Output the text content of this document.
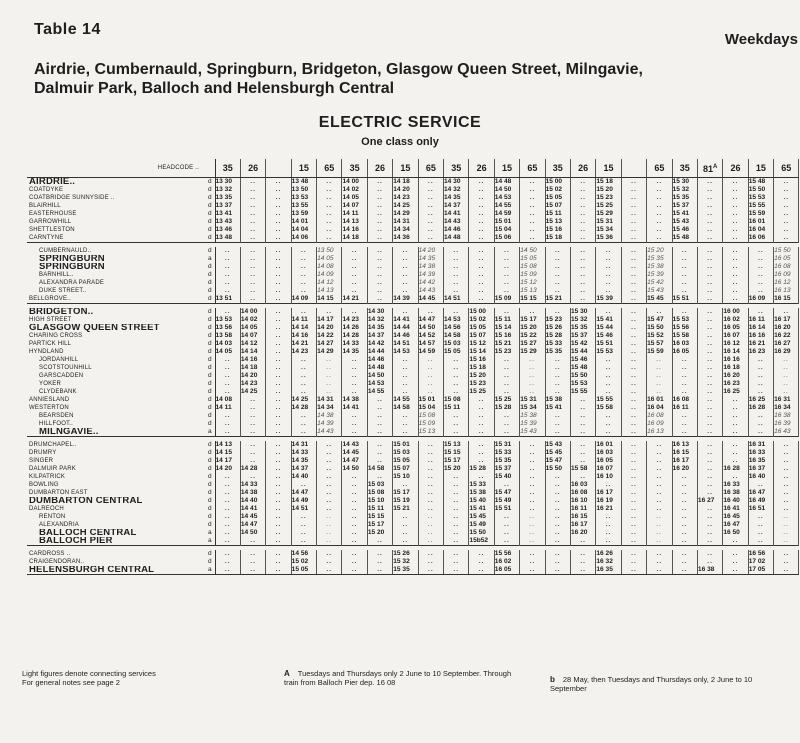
Table 14
Weekdays
Airdrie, Cumbernauld, Springburn, Bridgeton, Glasgow Queen Street, Milngavie,
Dalmuir Park, Balloch and Helensburgh Central
ELECTRIC SERVICE
One class only
HEADCODE ..		35	26		15	65	35	26	15	65	35	26	15	65	35	26	15		65	35	$81^A$	26	15	65
AIRDRIE..	d	13 30	..	..	13 48	..	14 00	..	14 18	..	14 30	..	14 48	..	15 00	..	15 18	..	..	15 30	..	..	15 48	..
COATDYKE	d	13 32	..	..	13 50	..	14 02	..	14 20	..	14 32	..	14 50	..	15 02	..	15 20	..	..	15 32	..	..	15 50	..
COATBRIDGE SUNNYSIDE ..	d	13 35	..	..	13 53	..	14 05	..	14 23	..	14 35	..	14 53	..	15 05	..	15 23	..	..	15 35	..	..	15 53	..
BLAIRHILL	d	13 37	..	..	13 55	..	14 07	..	14 25	..	14 37	..	14 55	..	15 07	..	15 25	..	..	15 37	..	..	15 55	..
EASTERHOUSE	d	13 41	..	..	13 59	..	14 11	..	14 29	..	14 41	..	14 59	..	15 11	..	15 29	..	..	15 41	..	..	15 59	..
GARROWHILL	d	13 43	..	..	14 01	..	14 13	..	14 31	..	14 43	..	15 01	..	15 13	..	15 31	..	..	15 43	..	..	16 01	..
SHETTLESTON	d	13 46	..	..	14 04	..	14 16	..	14 34	..	14 46	..	15 04	..	15 16	..	15 34	..	..	15 46	..	..	16 04	..
CARNTYNE	d	13 48	..	..	14 06	..	14 18	..	14 36	..	14 48	..	15 06	..	15 18	..	15 36	..	..	15 48	..	..	16 06	..

CUMBERNAULD..	d	..	..	..	..	13 50	..	..	..	14 20	..	..	..	14 50	..	..	..	..	15 20	..	..	..	..	15 50
SPRINGBURN	a	..	..	..	..	14 05	..	..	..	14 35	..	..	..	15 05	..	..	..	..	15 35	..	..	..	..	16 05
SPRINGBURN	d	..	..	..	..	14 08	..	..	..	14 38	..	..	..	15 08	..	..	..	..	15 38	..	..	..	..	16 08
BARNHILL..	d	..	..	..	..	14 09	..	..	..	14 39	..	..	..	15 09	..	..	..	..	15 39	..	..	..	..	16 09
ALEXANDRA PARADE	d	..	..	..	..	14 12	..	..	..	14 42	..	..	..	15 12	..	..	..	..	15 42	..	..	..	..	16 12
DUKE STREET..	d	..	..	..	..	14 13	..	..	..	14 43	..	..	..	15 13	..	..	..	..	15 43	..	..	..	..	16 13
BELLGROVE..	d	13 51	..	..	14 09	14 15	14 21	..	14 39	14 45	14 51	..	15 09	15 15	15 21	..	15 39	..	15 45	15 51	..	..	16 09	16 15

BRIDGETON..	d	..	14 00	..	..	..	..	14 30	..	..	..	15 00	..	..	..	15 30	..	..	..	..	..	16 00	..	..
HIGH STREET	d	13 53	14 02	..	14 11	14 17	14 23	14 32	14 41	14 47	14 53	15 02	15 11	15 17	15 23	15 32	15 41	..	15 47	15 53	..	16 02	16 11	16 17
GLASGOW QUEEN STREET	d	13 56	14 05	..	14 14	14 20	14 26	14 35	14 44	14 50	14 56	15 05	15 14	15 20	15 26	15 35	15 44	..	15 50	15 56	..	16 05	16 14	16 20
CHARING CROSS	d	13 58	14 07	..	14 16	14 22	14 28	14 37	14 46	14 52	14 58	15 07	15 16	15 22	15 28	15 37	15 46	..	15 52	15 58	..	16 07	16 16	16 22
PARTICK HILL	d	14 03	14 12	..	14 21	14 27	14 33	14 42	14 51	14 57	15 03	15 12	15 21	15 27	15 33	15 42	15 51	..	15 57	16 03	..	16 12	16 21	16 27
HYNDLAND	d	14 05	14 14	..	14 23	14 29	14 35	14 44	14 53	14 59	15 05	15 14	15 23	15 29	15 35	15 44	15 53	..	15 59	16 05	..	16 14	16 23	16 29
JORDANHILL	d	..	14 16	..	..	..	..	14 46	..	..	..	15 16	..	..	..	15 46	..	..	..	..	..	16 16	..	..
SCOTSTOUNHILL	d	..	14 18	..	..	..	..	14 48	..	..	..	15 18	..	..	..	15 48	..	..	..	..	..	16 18	..	..
GARSCADDEN	d	..	14 20	..	..	..	..	14 50	..	..	..	15 20	..	..	..	15 50	..	..	..	..	..	16 20	..	..
YOKER	d	..	14 23	..	..	..	..	14 53	..	..	..	15 23	..	..	..	15 53	..	..	..	..	..	16 23	..	..
CLYDEBANK	d	..	14 25	..	..	..	..	14 55	..	..	..	15 25	..	..	..	15 55	..	..	..	..	..	16 25	..	..
ANNIESLAND	d	14 08	..	..	14 25	14 31	14 38	..	14 55	15 01	15 08	..	15 25	15 31	15 38	..	15 55	..	16 01	16 08	..	..	16 25	16 31
WESTERTON	d	14 11	..	..	14 28	14 34	14 41	..	14 58	15 04	15 11	..	15 28	15 34	15 41	..	15 58	..	16 04	16 11	..	..	16 28	16 34
BEARSDEN	d	..	..	..	..	14 38	..	..	..	15 08	..	..	..	15 38	..	..	..	..	16 08	..	..	..	..	16 38
HILLFOOT..	d	..	..	..	..	14 39	..	..	..	15 09	..	..	..	15 39	..	..	..	..	16 09	..	..	..	..	16 39
MILNGAVIE..	a	..	..	..	..	14 43	..	..	..	15 13	..	..	..	15 43	..	..	..	..	16 13	..	..	..	..	16 43

DRUMCHAPEL..	d	14 13	..	..	14 31	..	14 43	..	15 01	..	15 13	..	15 31	..	15 43	..	16 01	..	..	16 13	..	..	16 31	..
DRUMRY	d	14 15	..	..	14 33	..	14 45	..	15 03	..	15 15	..	15 33	..	15 45	..	16 03	..	..	16 15	..	..	16 33	..
SINGER	d	14 17	..	..	14 35	..	14 47	..	15 05	..	15 17	..	15 35	..	15 47	..	16 05	..	..	16 17	..	..	16 35	..
DALMUIR PARK	d	14 20	14 28	..	14 37	..	14 50	14 58	15 07	..	15 20	15 28	15 37	..	15 50	15 58	16 07	..	..	16 20	..	16 28	16 37	..
KILPATRICK	d	..	..	..	14 40	..	..	..	15 10	..	..	..	15 40	..	..	..	16 10	..	..	..	..	..	16 40	..
BOWLING	d	..	14 33	..	..	..	..	15 03	..	..	..	15 33	..	..	..	16 03	..	..	..	..	..	16 33	..	..
DUMBARTON EAST	d	..	14 38	..	14 47	..	..	15 08	15 17	..	..	15 38	15 47	..	..	16 08	16 17	..	..	..	..	16 38	16 47	..
DUMBARTON CENTRAL	d	..	14 40	..	14 49	..	..	15 10	15 19	..	..	15 40	15 49	..	..	16 10	16 19	..	..	..	16 27	16 40	16 49	..
DALREOCH	d	..	14 41	..	14 51	..	..	15 11	15 21	..	..	15 41	15 51	..	..	16 11	16 21	..	..	..	..	16 41	16 51	..
RENTON	d	..	14 45	..	..	..	..	15 15	..	..	..	15 45	..	..	..	16 15	..	..	..	..	..	16 45	..	..
ALEXANDRIA	d	..	14 47	..	..	..	..	15 17	..	..	..	15 49	..	..	..	16 17	..	..	..	..	..	16 47	..	..
BALLOCH CENTRAL	a	..	14 50	..	..	..	..	15 20	..	..	..	15 50	..	..	..	16 20	..	..	..	..	..	16 50	..	..
BALLOCH PIER	a	..	..	..	..	..	..	..	..	..	..	15b52	..	..	..	..	..	..	..	..	..	..	..	..

CARDROSS ..	d	..	..	..	14 56	..	..	..	15 26	..	..	..	15 56	..	..	..	16 26	..	..	..	..	..	16 56	..
CRAIGENDORAN..	d	..	..	..	15 02	..	..	..	15 32	..	..	..	16 02	..	..	..	16 32	..	..	..	..	..	17 02	..
HELENSBURGH CENTRAL	a	..	..	..	15 05	..	..	..	15 35	..	..	..	16 05	..	..	..	16 35	..	..	..	16 38	..	17 05	..
Light figures denote connecting services
For general notes see page 2
A Tuesdays and Thursdays only 2 June to 10 September. Through train from Balloch Pier dep. 16 08	b 28 May, then Tuesdays and Thursdays only, 2 June to 10 September
